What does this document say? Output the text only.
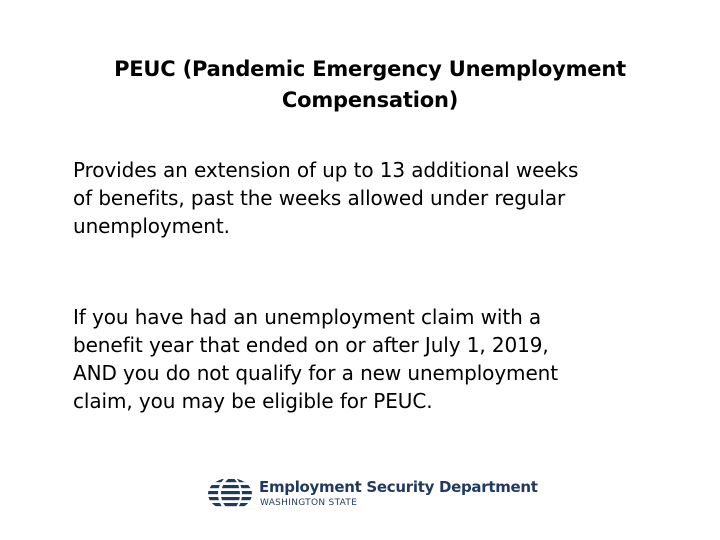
PEUC (Pandemic Emergency Unemployment
Compensation)
Provides an extension of up to 13 additional weeks
of benefits, past the weeks allowed under regular
unemployment.
If you have had an unemployment claim with a
benefit year that ended on or after July 1, 2019,
AND you do not qualify for a new unemployment
claim, you may be eligible for PEUC.
Employment Security Department
WASHINGTON STATE
